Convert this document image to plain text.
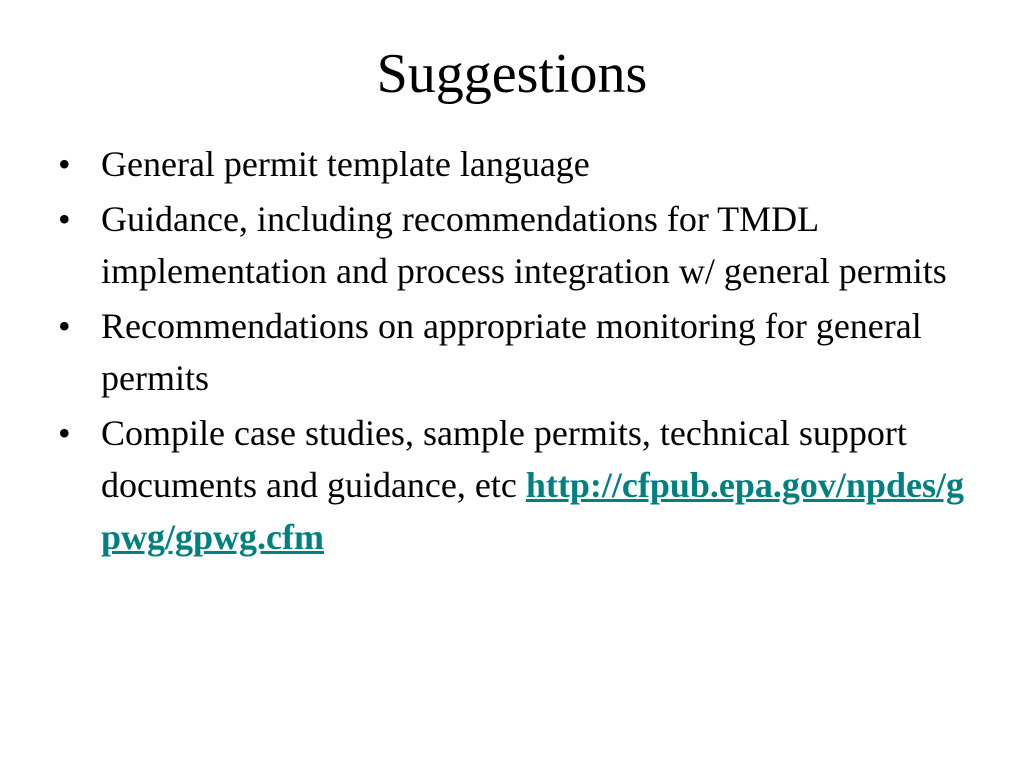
Suggestions
• General permit template language
• Guidance, including recommendations for TMDL implementation and process integration w/ general permits
• Recommendations on appropriate monitoring for general permits
• Compile case studies, sample permits, technical support documents and guidance, etc http://cfpub.epa.gov/npdes/gpwg/gpwg.cfm
